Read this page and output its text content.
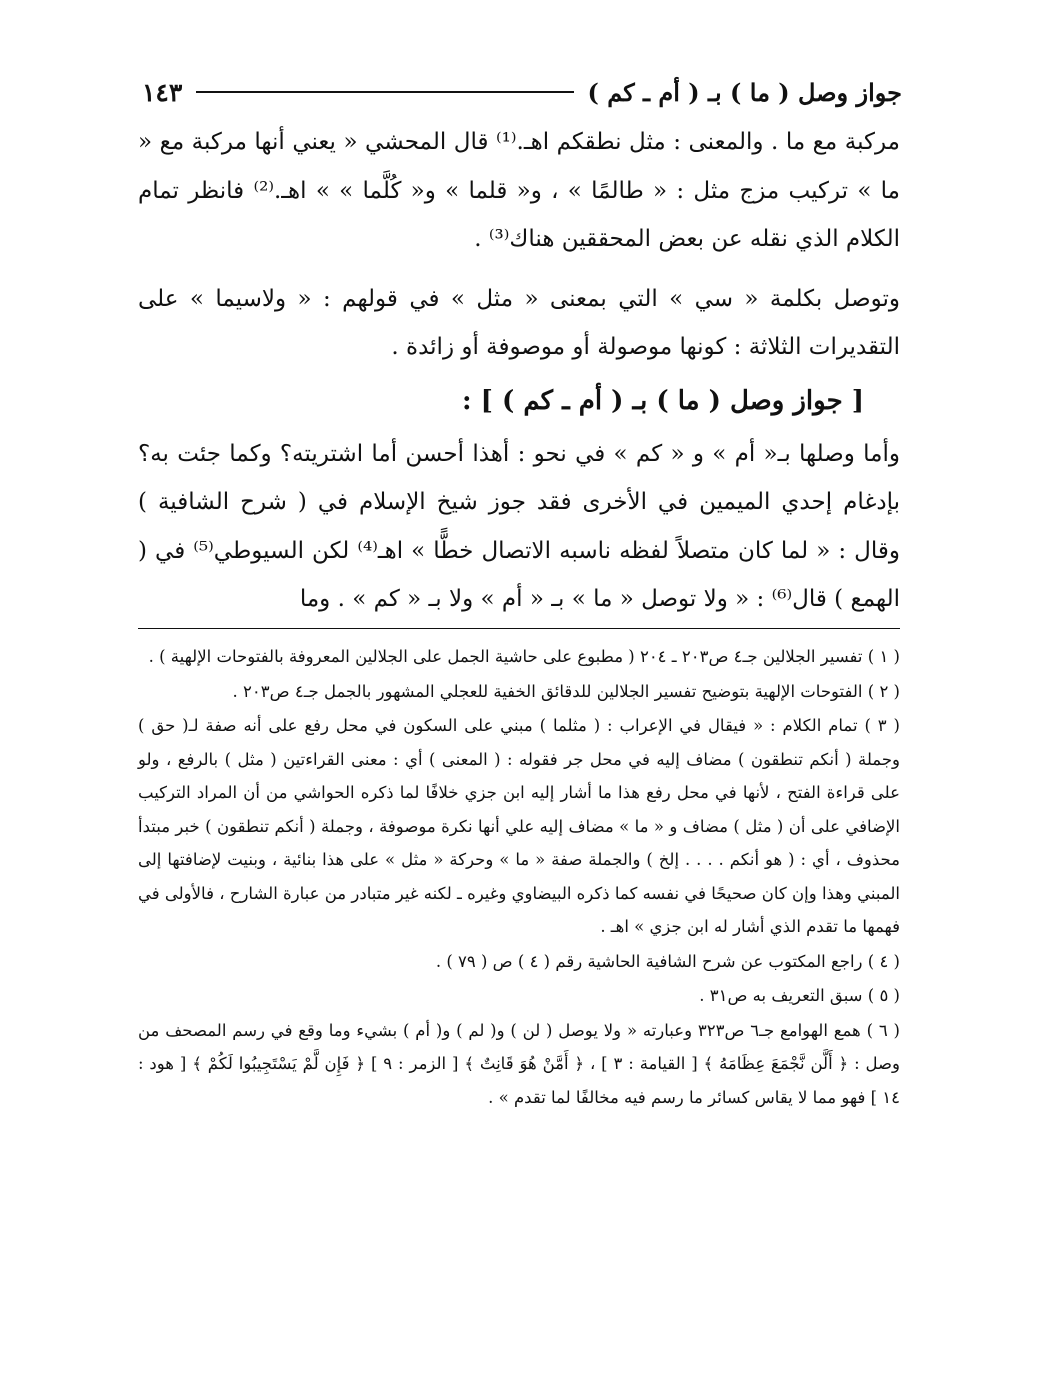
جواز وصل ( ما ) بـ ( أم ـ كم )
١٤٣

مركبة مع ما . والمعنى : مثل نطقكم اهـ.⁽¹⁾ قال المحشي « يعني أنها مركبة مع « ما » تركيب مزج مثل : « طالمًا » ، و« قلما » و« كُلَّما » » اهـ.⁽²⁾ فانظر تمام الكلام الذي نقله عن بعض المحققين هناك⁽³⁾ .

وتوصل بكلمة « سي » التي بمعنى « مثل » في قولهم : « ولاسيما » على التقديرات الثلاثة : كونها موصولة أو موصوفة أو زائدة .

[ جواز وصل ( ما ) بـ ( أم ـ كم ) ] :

وأما وصلها بـ« أم » و « كم » في نحو : أهذا أحسن أما اشتريته؟ وكما جئت به؟ بإدغام إحدي الميمين في الأخرى فقد جوز شيخ الإسلام في ( شرح الشافية ) وقال : « لما كان متصلاً لفظه ناسبه الاتصال خطًّا » اهـ⁽⁴⁾ لكن السيوطي⁽⁵⁾ في ( الهمع ) قال⁽⁶⁾ : « ولا توصل « ما » بـ « أم » ولا بـ « كم » . وما

( ١ ) تفسير الجلالين جـ٤ ص٢٠٣ ـ ٢٠٤ ( مطبوع على حاشية الجمل على الجلالين المعروفة بالفتوحات الإلهية ) .

( ٢ ) الفتوحات الإلهية بتوضيح تفسير الجلالين للدقائق الخفية للعجلي المشهور بالجمل جـ٤ ص٢٠٣ .

( ٣ ) تمام الكلام : « فيقال في الإعراب : ( مثلما ) مبني على السكون في محل رفع على أنه صفة لـ( حق ) وجملة ( أنكم تنطقون ) مضاف إليه في محل جر فقوله : ( المعنى ) أي : معنى القراءتين ( مثل ) بالرفع ، ولو على قراءة الفتح ، لأنها في محل رفع هذا ما أشار إليه ابن جزي خلافًا لما ذكره الحواشي من أن المراد التركيب الإضافي على أن ( مثل ) مضاف و « ما » مضاف إليه علي أنها نكرة موصوفة ، وجملة ( أنكم تنطقون ) خبر مبتدأ محذوف ، أي : ( هو أنكم . . . . إلخ ) والجملة صفة « ما » وحركة « مثل » على هذا بنائية ، وبنيت لإضافتها إلى المبني وهذا وإن كان صحيحًا في نفسه كما ذكره البيضاوي وغيره ـ لكنه غير متبادر من عبارة الشارح ، فالأولى في فهمها ما تقدم الذي أشار له ابن جزي » اهـ .

( ٤ ) راجع المكتوب عن شرح الشافية الحاشية رقم ( ٤ ) ص ( ٧٩ ) .

( ٥ ) سبق التعريف به ص٣١ .

( ٦ ) همع الهوامع جـ٦ ص٣٢٣ وعبارته « ولا يوصل ( لن ) و( لم ) و( أم ) بشيء وما وقع في رسم المصحف من وصل : ﴿ أَلَّن نَّجْمَعَ عِظَامَهُ ﴾ [ القيامة : ٣ ] ، ﴿ أَمَّنْ هُوَ قَانِتٌ ﴾ [ الزمر : ٩ ] ﴿ فَإِن لَّمْ يَسْتَجِيبُوا لَكُمْ ﴾ [ هود : ١٤ ] فهو مما لا يقاس كسائر ما رسم فيه مخالفًا لما تقدم » .
